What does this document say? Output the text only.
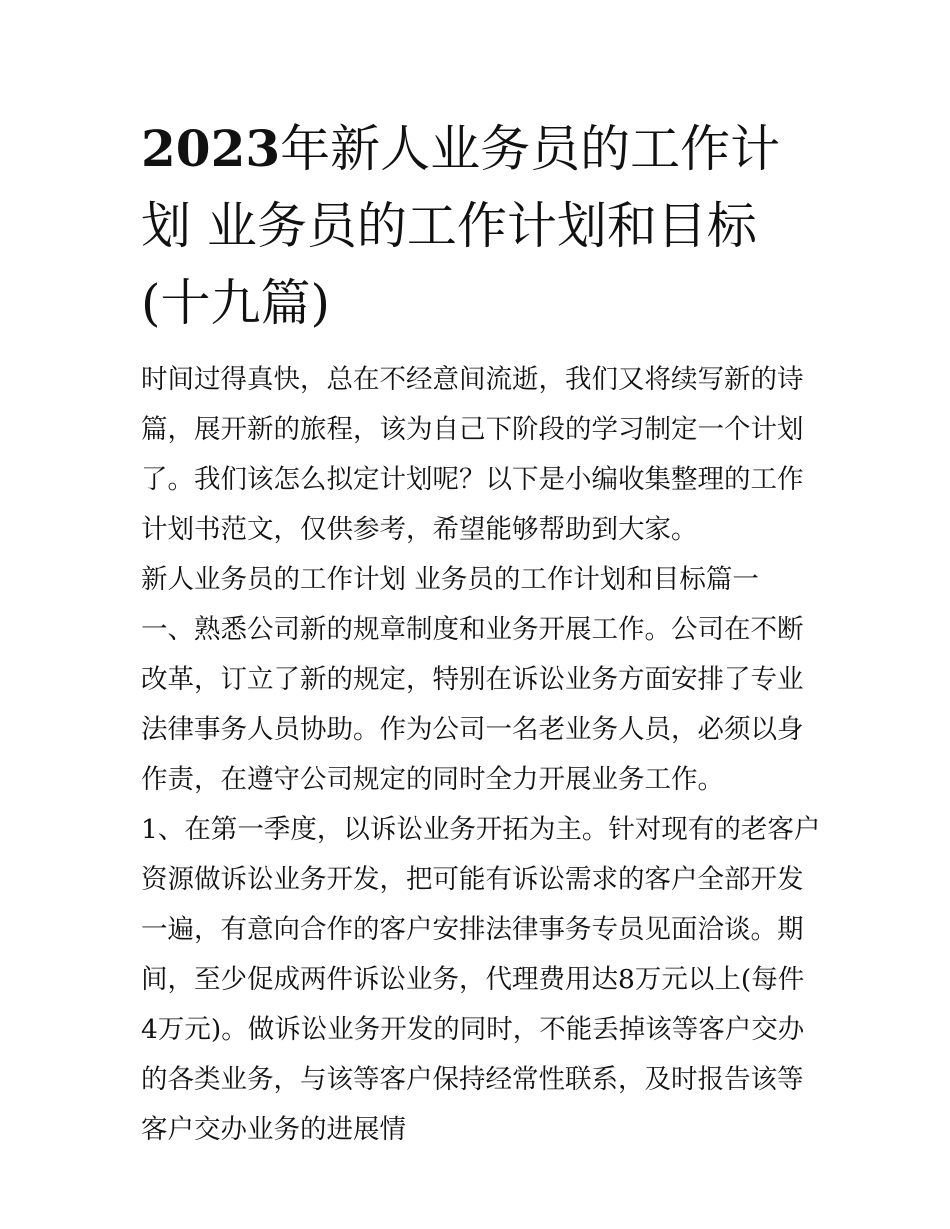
2023年新人业务员的工作计划 业务员的工作计划和目标(十九篇)

时间过得真快，总在不经意间流逝，我们又将续写新的诗篇，展开新的旅程，该为自己下阶段的学习制定一个计划了。我们该怎么拟定计划呢？以下是小编收集整理的工作计划书范文，仅供参考，希望能够帮助到大家。

新人业务员的工作计划 业务员的工作计划和目标篇一

一、熟悉公司新的规章制度和业务开展工作。公司在不断改革，订立了新的规定，特别在诉讼业务方面安排了专业法律事务人员协助。作为公司一名老业务人员，必须以身作责，在遵守公司规定的同时全力开展业务工作。

1、在第一季度，以诉讼业务开拓为主。针对现有的老客户资源做诉讼业务开发，把可能有诉讼需求的客户全部开发一遍，有意向合作的客户安排法律事务专员见面洽谈。期间，至少促成两件诉讼业务，代理费用达8万元以上(每件4万元)。做诉讼业务开发的同时，不能丢掉该等客户交办的各类业务，与该等客户保持经常性联系，及时报告该等客户交办业务的进展情
